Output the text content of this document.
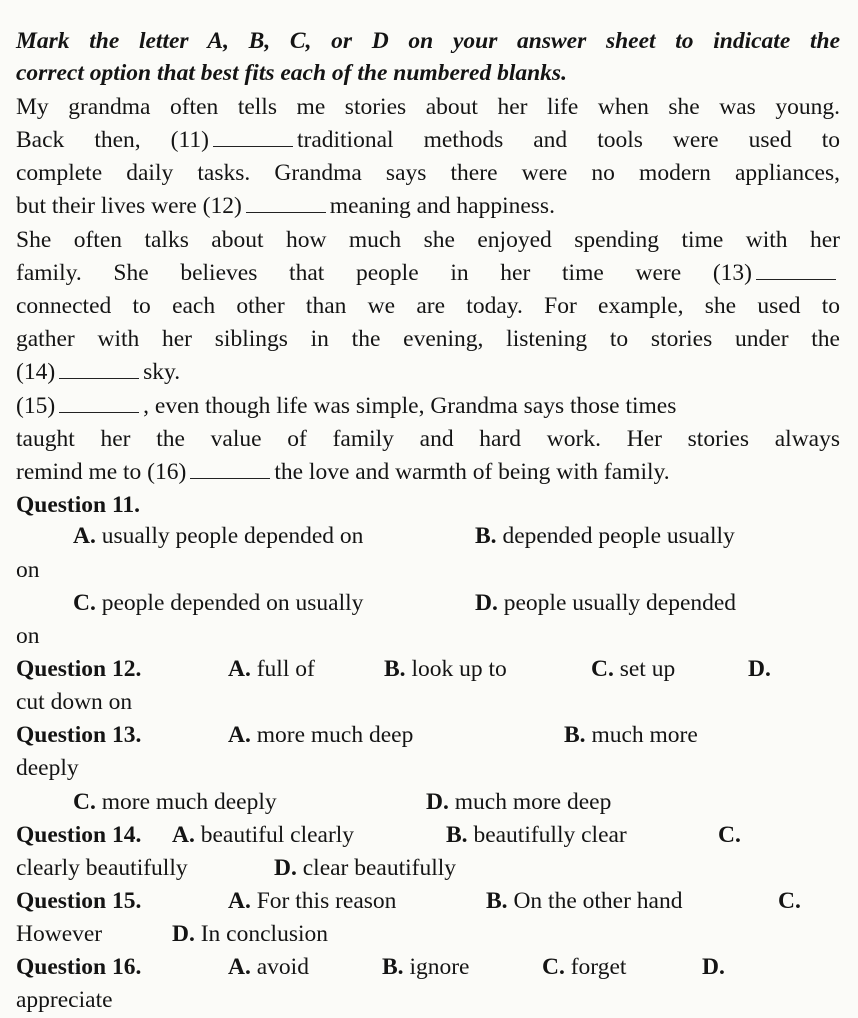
Mark the letter A, B, C, or D on your answer sheet to indicate the
correct option that best fits each of the numbered blanks.
My grandma often tells me stories about her life when she was young.
Back then, (11)	traditional methods and tools were used to
complete daily tasks. Grandma says there were no modern appliances,
but their lives were (12)	meaning and happiness.
She often talks about how much she enjoyed spending time with her
family. She believes that people in her time were (13)
connected to each other than we are today. For example, she used to
gather with her siblings in the evening, listening to stories under the
(14)	sky.
(15)	, even though life was simple, Grandma says those times
taught her the value of family and hard work. Her stories always
remind me to (16)	the love and warmth of being with family.
Question 11.
A. usually people depended on	B. depended people usually
on
C. people depended on usually	D. people usually depended
on
Question 12.	A. full of	B. look up to	C. set up	D.
cut down on
Question 13.	A. more much deep	B. much more
deeply
C. more much deeply	D. much more deep
Question 14. A. beautiful clearly	B. beautifully clear	C.
clearly beautifully	D. clear beautifully
Question 15.	A. For this reason	B. On the other hand	C.
However	D. In conclusion
Question 16.	A. avoid	B. ignore	C. forget	D.
appreciate
